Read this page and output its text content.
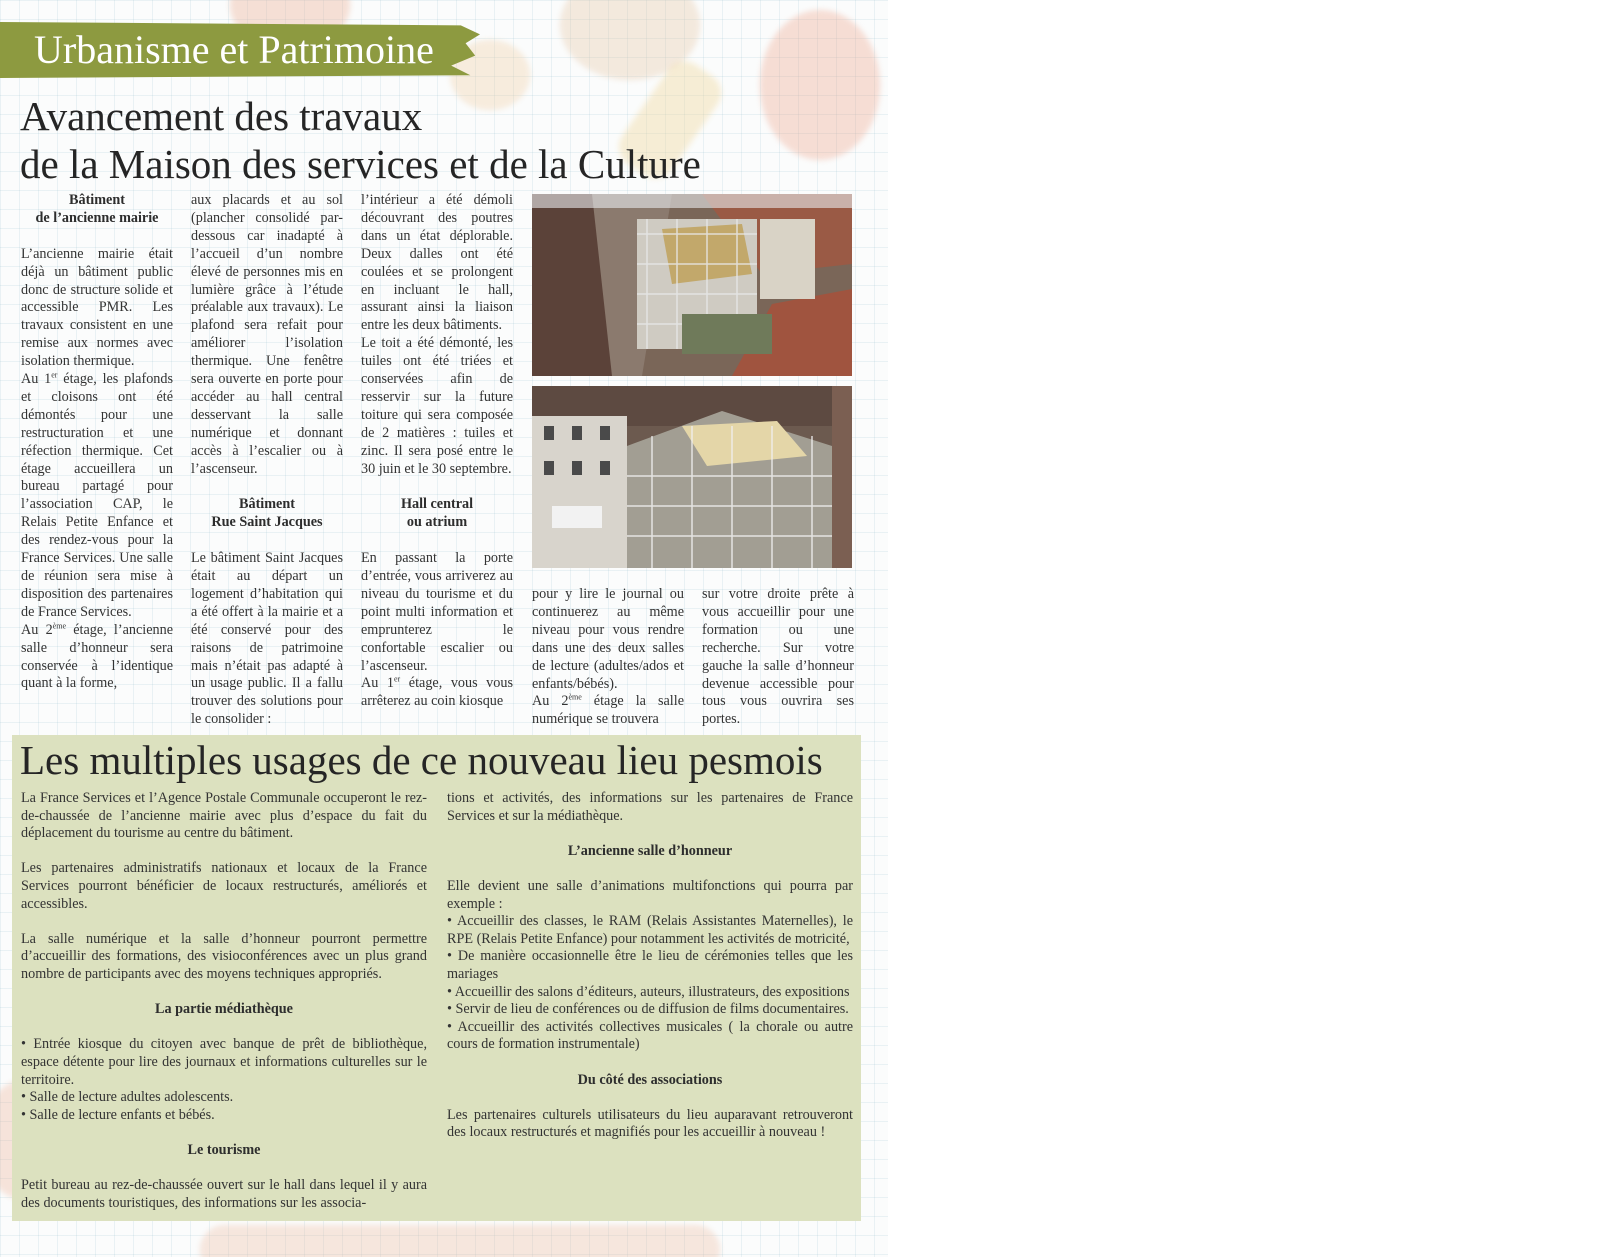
Urbanisme et Patrimoine
Avancement des travaux
de la Maison des services et de la Culture

Bâtiment

de l’ancienne mairie

L’ancienne mairie était déjà un bâtiment public donc de structure solide et accessible PMR. Les travaux consistent en une remise aux normes avec isolation thermique.

Au 1er étage, les plafonds et cloisons ont été démontés pour une restructuration et une réfection thermique. Cet étage accueillera un bureau partagé pour l’association CAP, le Relais Petite Enfance et des rendez-vous pour la France Services. Une salle de réunion sera mise à disposition des partenaires de France Services.

Au 2ème étage, l’ancienne salle d’honneur sera conservée à l’identique quant à la forme,

aux placards et au sol (plancher consolidé par-dessous car inadapté à l’accueil d’un nombre élevé de personnes mis en lumière grâce à l’étude préalable aux travaux). Le plafond sera refait pour améliorer l’isolation thermique. Une fenêtre sera ouverte en porte pour accéder au hall central desservant la salle numérique et donnant accès à l’escalier ou à l’ascenseur.

Bâtiment

Rue Saint Jacques

Le bâtiment Saint Jacques était au départ un logement d’habitation qui a été offert à la mairie et a été conservé pour des raisons de patrimoine mais n’était pas adapté à un usage public. Il a fallu trouver des solutions pour le consolider :

l’intérieur a été démoli découvrant des poutres dans un état déplorable. Deux dalles ont été coulées et se prolongent en incluant le hall, assurant ainsi la liaison entre les deux bâtiments.

Le toit a été démonté, les tuiles ont été triées et conservées afin de resservir sur la future toiture qui sera composée de 2 matières : tuiles et zinc. Il sera posé entre le 30 juin et le 30 septembre.

Hall central

ou atrium

En passant la porte d’entrée, vous arriverez au niveau du tourisme et du point multi information et emprunterez le confortable escalier ou l’ascenseur.

Au 1er étage, vous vous arrêterez au coin kiosque

pour y lire le journal ou continuerez au même niveau pour vous rendre dans une des deux salles de lecture (adultes/ados et enfants/bébés).

Au 2ème étage la salle numérique se trouvera

sur votre droite prête à vous accueillir pour une formation ou une recherche. Sur votre gauche la salle d’honneur devenue accessible pour tous vous ouvrira ses portes.

Les multiples usages de ce nouveau lieu pesmois

La France Services et l’Agence Postale Communale occuperont le rez-de-chaussée de l’ancienne mairie avec plus d’espace du fait du déplacement du tourisme au centre du bâtiment.

Les partenaires administratifs nationaux et locaux de la France Services pourront bénéficier de locaux restructurés, améliorés et accessibles.

La salle numérique et la salle d’honneur pourront permettre d’accueillir des formations, des visioconférences avec un plus grand nombre de participants avec des moyens techniques appropriés.

La partie médiathèque

• Entrée kiosque du citoyen avec banque de prêt de bibliothèque, espace détente pour lire des journaux et informations culturelles sur le territoire.

• Salle de lecture adultes adolescents.

• Salle de lecture enfants et bébés.

Le tourisme

Petit bureau au rez-de-chaussée ouvert sur le hall dans lequel il y aura des documents touristiques, des informations sur les associa-

tions et activités, des informations sur les partenaires de France Services et sur la médiathèque.

L’ancienne salle d’honneur

Elle devient une salle d’animations multifonctions qui pourra par exemple :

• Accueillir des classes, le RAM (Relais Assistantes Maternelles), le RPE (Relais Petite Enfance) pour notamment les activités de motricité,

• De manière occasionnelle être le lieu de cérémonies telles que les mariages

• Accueillir des salons d’éditeurs, auteurs, illustrateurs, des expositions

• Servir de lieu de conférences ou de diffusion de films documentaires.

• Accueillir des activités collectives musicales ( la chorale ou autre cours de formation instrumentale)

Du côté des associations

Les partenaires culturels utilisateurs du lieu auparavant retrouveront des locaux restructurés et magnifiés pour les accueillir à nouveau !
